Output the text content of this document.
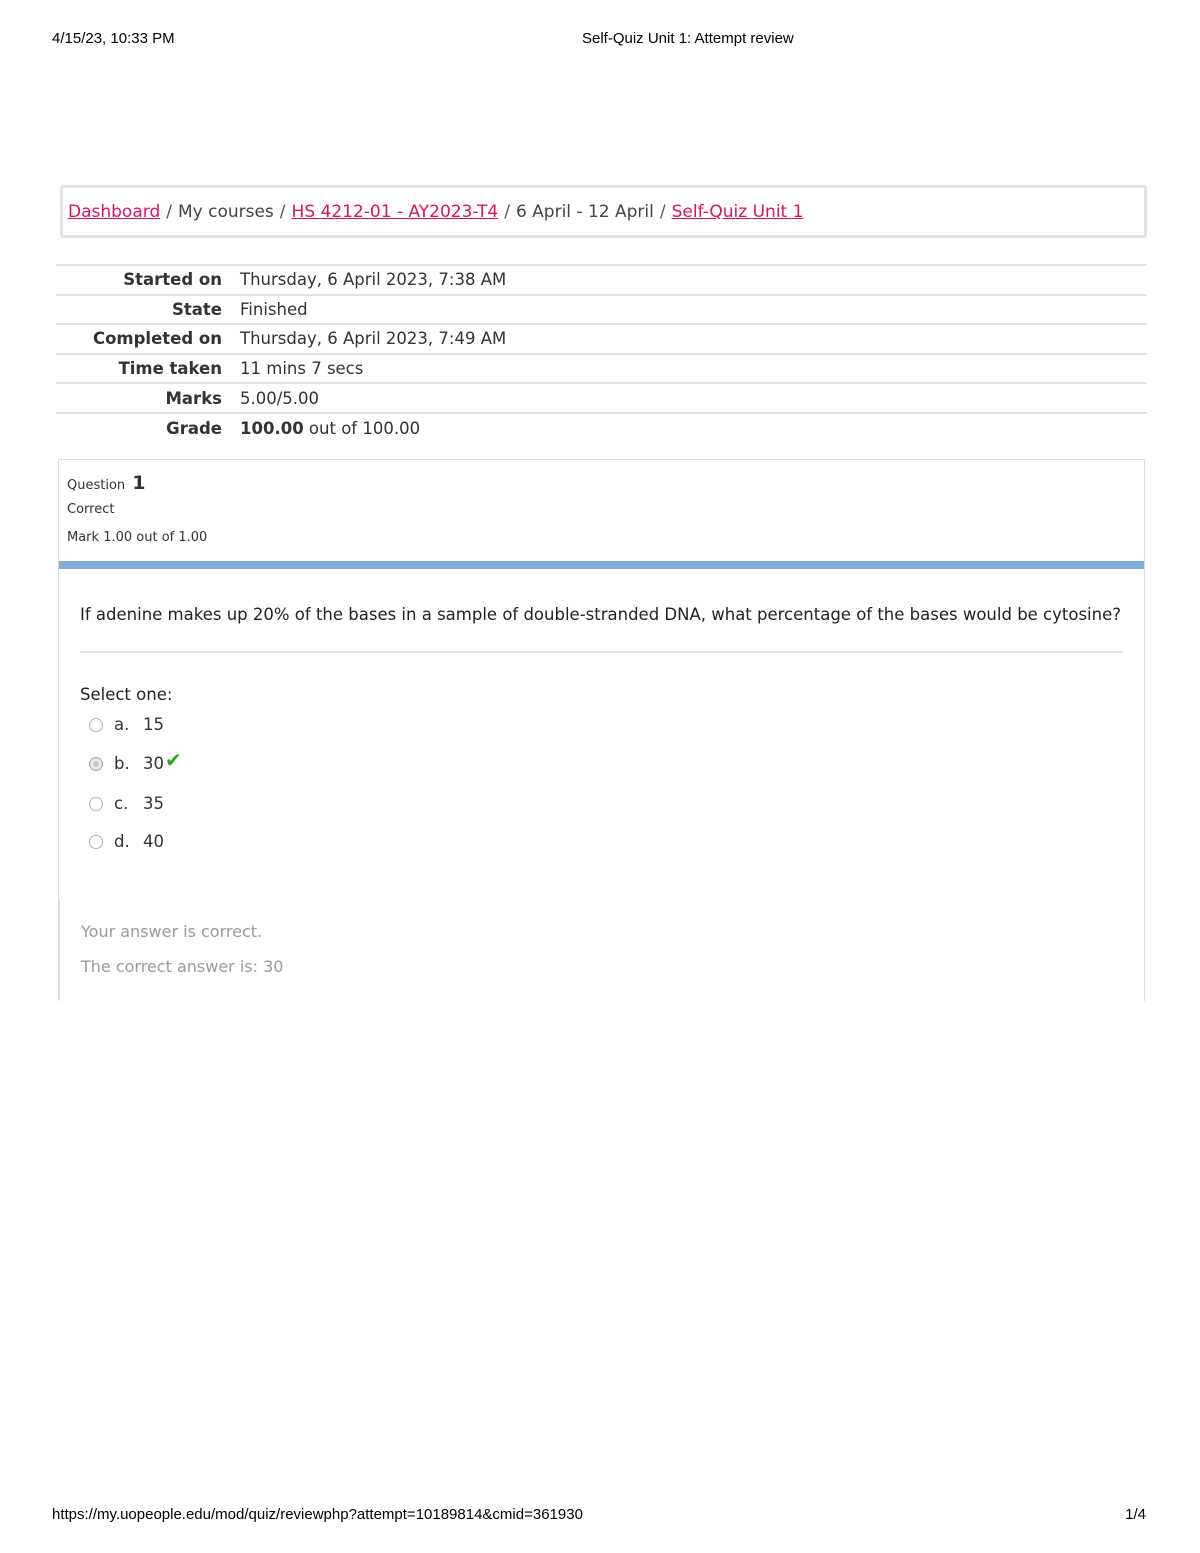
4/15/23, 10:33 PM	Self-Quiz Unit 1: Attempt review
Dashboard / My courses / HS 4212-01 - AY2023-T4 / 6 April - 12 April / Self-Quiz Unit 1
Started on	Thursday, 6 April 2023, 7:38 AM
State	Finished
Completed on	Thursday, 6 April 2023, 7:49 AM
Time taken	11 mins 7 secs
Marks	5.00/5.00
Grade	100.00 out of 100.00
Question 1
Correct
Mark 1.00 out of 1.00
If adenine makes up 20% of the bases in a sample of double-stranded DNA, what percentage of the bases would be cytosine?
Select one:
a. 15
b. 30 ✔
c. 35
d. 40
Your answer is correct.
The correct answer is: 30
https://my.uopeople.edu/mod/quiz/reviewphp?attempt=10189814&cmid=361930	1/4
